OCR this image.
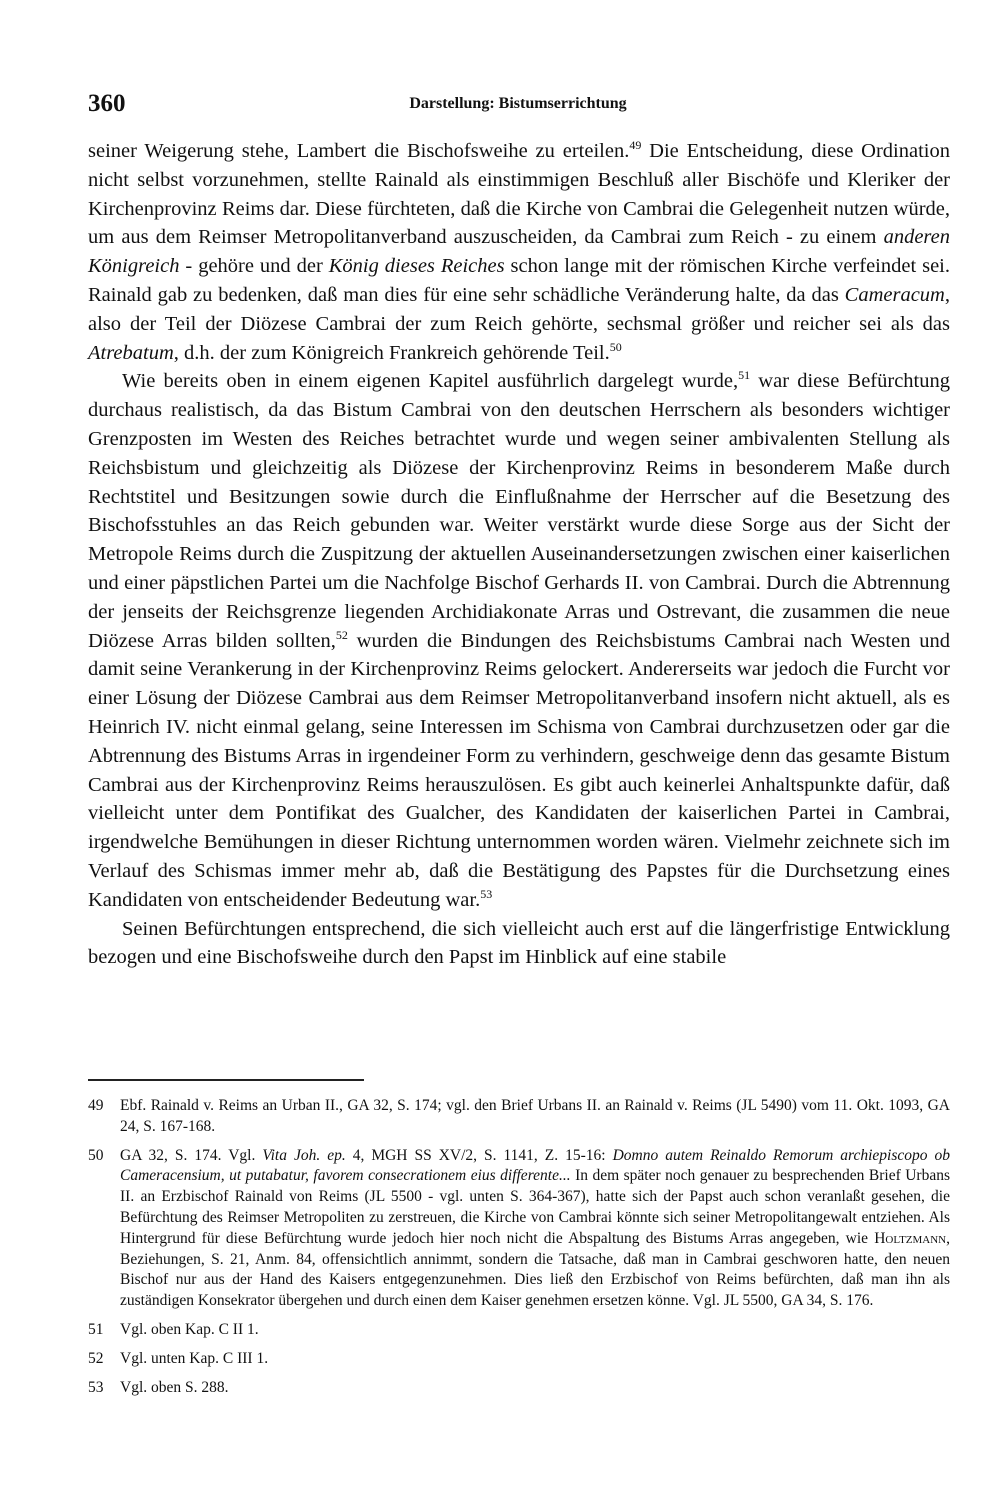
360	Darstellung: Bistumserrichtung

seiner Weigerung stehe, Lambert die Bischofsweihe zu erteilen.$^{49}$ Die Entscheidung, diese Ordination nicht selbst vorzunehmen, stellte Rainald als einstimmigen Beschluß aller Bischöfe und Kleriker der Kirchenprovinz Reims dar. Diese fürchteten, daß die Kirche von Cambrai die Gelegenheit nutzen würde, um aus dem Reimser Metropolitanverband auszuscheiden, da Cambrai zum Reich - zu einem anderen Königreich - gehöre und der König dieses Reiches schon lange mit der römischen Kirche verfeindet sei. Rainald gab zu bedenken, daß man dies für eine sehr schädliche Veränderung halte, da das Cameracum, also der Teil der Diözese Cambrai der zum Reich gehörte, sechsmal größer und reicher sei als das Atrebatum, d.h. der zum Königreich Frankreich gehörende Teil.$^{50}$

Wie bereits oben in einem eigenen Kapitel ausführlich dargelegt wurde,$^{51}$ war diese Befürchtung durchaus realistisch, da das Bistum Cambrai von den deutschen Herrschern als besonders wichtiger Grenzposten im Westen des Reiches betrachtet wurde und wegen seiner ambivalenten Stellung als Reichsbistum und gleichzeitig als Diözese der Kirchenprovinz Reims in besonderem Maße durch Rechtstitel und Besitzungen sowie durch die Einflußnahme der Herrscher auf die Besetzung des Bischofsstuhles an das Reich gebunden war. Weiter verstärkt wurde diese Sorge aus der Sicht der Metropole Reims durch die Zuspitzung der aktuellen Auseinandersetzungen zwischen einer kaiserlichen und einer päpstlichen Partei um die Nachfolge Bischof Gerhards II. von Cambrai. Durch die Abtrennung der jenseits der Reichsgrenze liegenden Archidiakonate Arras und Ostrevant, die zusammen die neue Diözese Arras bilden sollten,$^{52}$ wurden die Bindungen des Reichsbistums Cambrai nach Westen und damit seine Verankerung in der Kirchenprovinz Reims gelockert. Andererseits war jedoch die Furcht vor einer Lösung der Diözese Cambrai aus dem Reimser Metropolitanverband insofern nicht aktuell, als es Heinrich IV. nicht einmal gelang, seine Interessen im Schisma von Cambrai durchzusetzen oder gar die Abtrennung des Bistums Arras in irgendeiner Form zu verhindern, geschweige denn das gesamte Bistum Cambrai aus der Kirchenprovinz Reims herauszulösen. Es gibt auch keinerlei Anhaltspunkte dafür, daß vielleicht unter dem Pontifikat des Gualcher, des Kandidaten der kaiserlichen Partei in Cambrai, irgendwelche Bemühungen in dieser Richtung unternommen worden wären. Vielmehr zeichnete sich im Verlauf des Schismas immer mehr ab, daß die Bestätigung des Papstes für die Durchsetzung eines Kandidaten von entscheidender Bedeutung war.$^{53}$

Seinen Befürchtungen entsprechend, die sich vielleicht auch erst auf die längerfristige Entwicklung bezogen und eine Bischofsweihe durch den Papst im Hinblick auf eine stabile

49 Ebf. Rainald v. Reims an Urban II., GA 32, S. 174; vgl. den Brief Urbans II. an Rainald v. Reims (JL 5490) vom 11. Okt. 1093, GA 24, S. 167-168.
50 GA 32, S. 174. Vgl. Vita Joh. ep. 4, MGH SS XV/2, S. 1141, Z. 15-16: Domno autem Reinaldo Remorum archiepiscopo ob Cameracensium, ut putabatur, favorem consecrationem eius differente... In dem später noch genauer zu besprechenden Brief Urbans II. an Erzbischof Rainald von Reims (JL 5500 - vgl. unten S. 364-367), hatte sich der Papst auch schon veranlaßt gesehen, die Befürchtung des Reimser Metropoliten zu zerstreuen, die Kirche von Cambrai könnte sich seiner Metropolitangewalt entziehen. Als Hintergrund für diese Befürchtung wurde jedoch hier noch nicht die Abspaltung des Bistums Arras angegeben, wie Holtzmann, Beziehungen, S. 21, Anm. 84, offensichtlich annimmt, sondern die Tatsache, daß man in Cambrai geschworen hatte, den neuen Bischof nur aus der Hand des Kaisers entgegenzunehmen. Dies ließ den Erzbischof von Reims befürchten, daß man ihn als zuständigen Konsekrator übergehen und durch einen dem Kaiser genehmen ersetzen könne. Vgl. JL 5500, GA 34, S. 176.
51 Vgl. oben Kap. C II 1.
52 Vgl. unten Kap. C III 1.
53 Vgl. oben S. 288.
